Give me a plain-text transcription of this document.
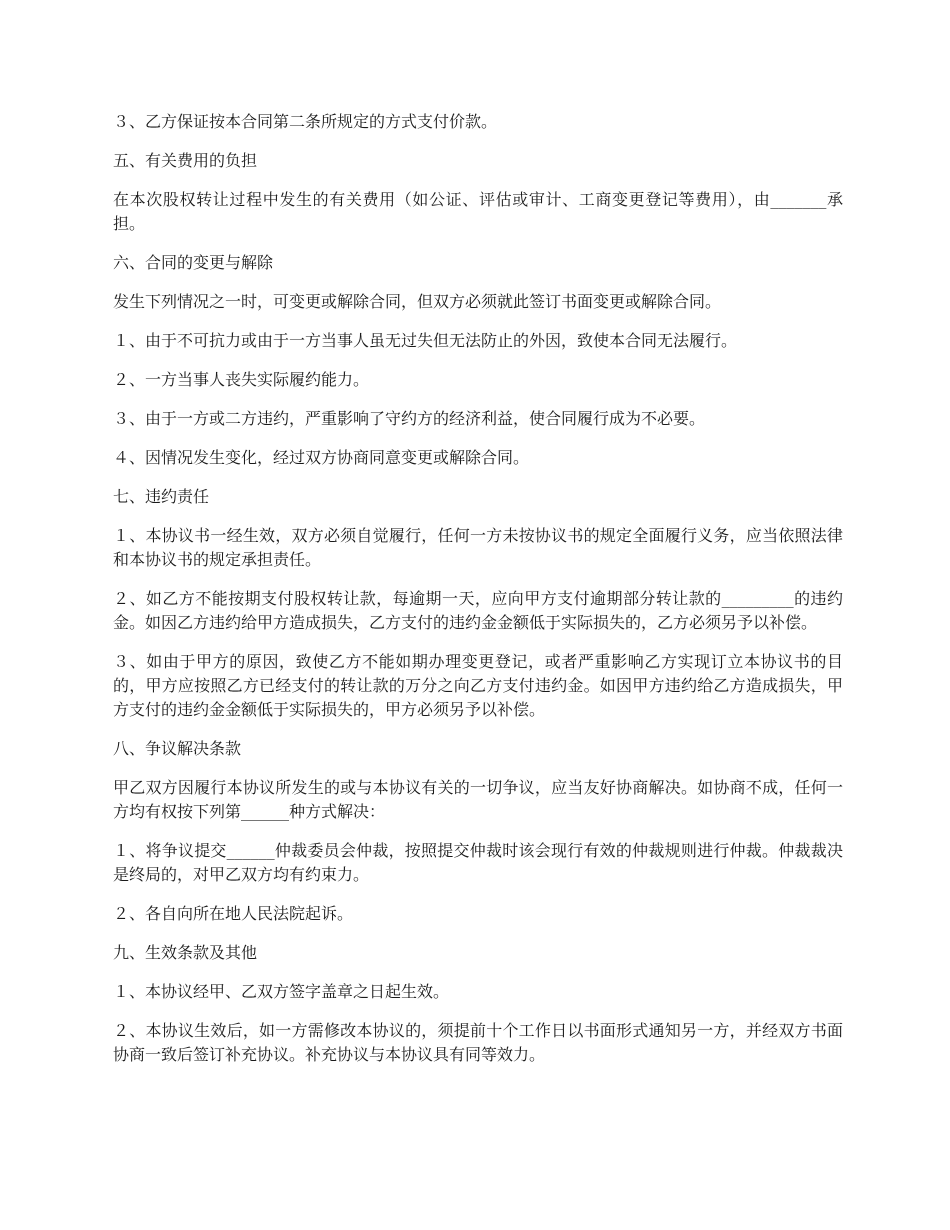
３、乙方保证按本合同第二条所规定的方式支付价款。

五、有关费用的负担

在本次股权转让过程中发生的有关费用（如公证、评估或审计、工商变更登记等费用），由_______承担。

六、合同的变更与解除

发生下列情况之一时，可变更或解除合同，但双方必须就此签订书面变更或解除合同。

１、由于不可抗力或由于一方当事人虽无过失但无法防止的外因，致使本合同无法履行。

２、一方当事人丧失实际履约能力。

３、由于一方或二方违约，严重影响了守约方的经济利益，使合同履行成为不必要。

４、因情况发生变化，经过双方协商同意变更或解除合同。

七、违约责任

１、本协议书一经生效，双方必须自觉履行，任何一方未按协议书的规定全面履行义务，应当依照法律和本协议书的规定承担责任。

２、如乙方不能按期支付股权转让款，每逾期一天，应向甲方支付逾期部分转让款的_________的违约金。如因乙方违约给甲方造成损失，乙方支付的违约金金额低于实际损失的，乙方必须另予以补偿。

３、如由于甲方的原因，致使乙方不能如期办理变更登记，或者严重影响乙方实现订立本协议书的目的，甲方应按照乙方已经支付的转让款的万分之向乙方支付违约金。如因甲方违约给乙方造成损失，甲方支付的违约金金额低于实际损失的，甲方必须另予以补偿。

八、争议解决条款

甲乙双方因履行本协议所发生的或与本协议有关的一切争议，应当友好协商解决。如协商不成，任何一方均有权按下列第______种方式解决：

１、将争议提交______仲裁委员会仲裁，按照提交仲裁时该会现行有效的仲裁规则进行仲裁。仲裁裁决是终局的，对甲乙双方均有约束力。

２、各自向所在地人民法院起诉。

九、生效条款及其他

１、本协议经甲、乙双方签字盖章之日起生效。

２、本协议生效后，如一方需修改本协议的，须提前十个工作日以书面形式通知另一方，并经双方书面协商一致后签订补充协议。补充协议与本协议具有同等效力。
